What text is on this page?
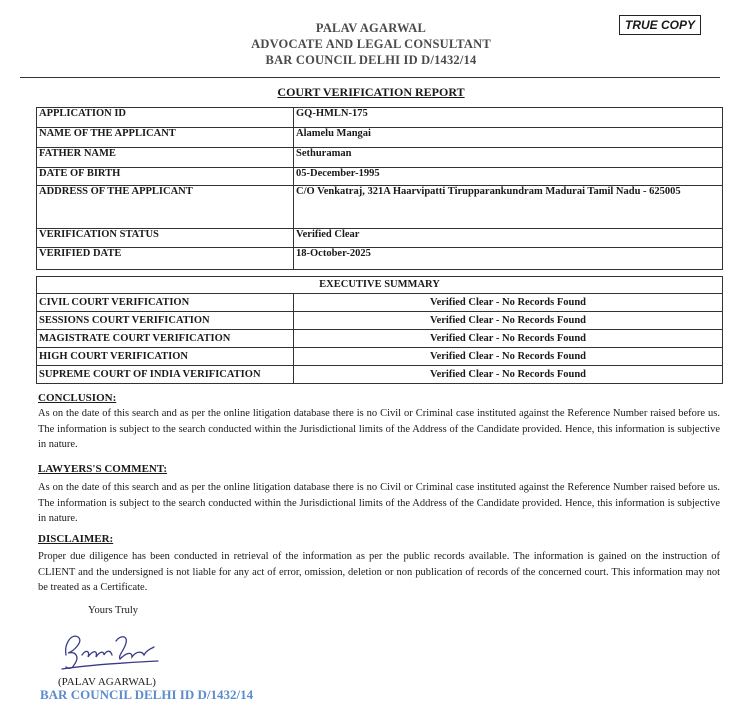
PALAV AGARWAL
ADVOCATE AND LEGAL CONSULTANT
BAR COUNCIL DELHI ID D/1432/14
TRUE COPY
COURT VERIFICATION REPORT
APPLICATION ID	GQ-HMLN-175
NAME OF THE APPLICANT	Alamelu Mangai
FATHER NAME	Sethuraman
DATE OF BIRTH	05-December-1995
ADDRESS OF THE APPLICANT	C/O Venkatraj, 321A Haarvipatti Tirupparankundram Madurai Tamil Nadu - 625005
VERIFICATION STATUS	Verified Clear
VERIFIED DATE	18-October-2025
EXECUTIVE SUMMARY	
CIVIL COURT VERIFICATION	Verified Clear - No Records Found
SESSIONS COURT VERIFICATION	Verified Clear - No Records Found
MAGISTRATE COURT VERIFICATION	Verified Clear - No Records Found
HIGH COURT VERIFICATION	Verified Clear - No Records Found
SUPREME COURT OF INDIA VERIFICATION	Verified Clear - No Records Found
CONCLUSION:
As on the date of this search and as per the online litigation database there is no Civil or Criminal case instituted against the Reference Number raised before us. The information is subject to the search conducted within the Jurisdictional limits of the Address of the Candidate provided. Hence, this information is subjective in nature.
LAWYERS'S COMMENT:
As on the date of this search and as per the online litigation database there is no Civil or Criminal case instituted against the Reference Number raised before us. The information is subject to the search conducted within the Jurisdictional limits of the Address of the Candidate provided. Hence, this information is subjective in nature.
DISCLAIMER:
Proper due diligence has been conducted in retrieval of the information as per the public records available. The information is gained on the instruction of CLIENT and the undersigned is not liable for any act of error, omission, deletion or non publication of records of the concerned court. This information may not be treated as a Certificate.
Yours Truly
(PALAV AGARWAL)
BAR COUNCIL DELHI ID D/1432/14
